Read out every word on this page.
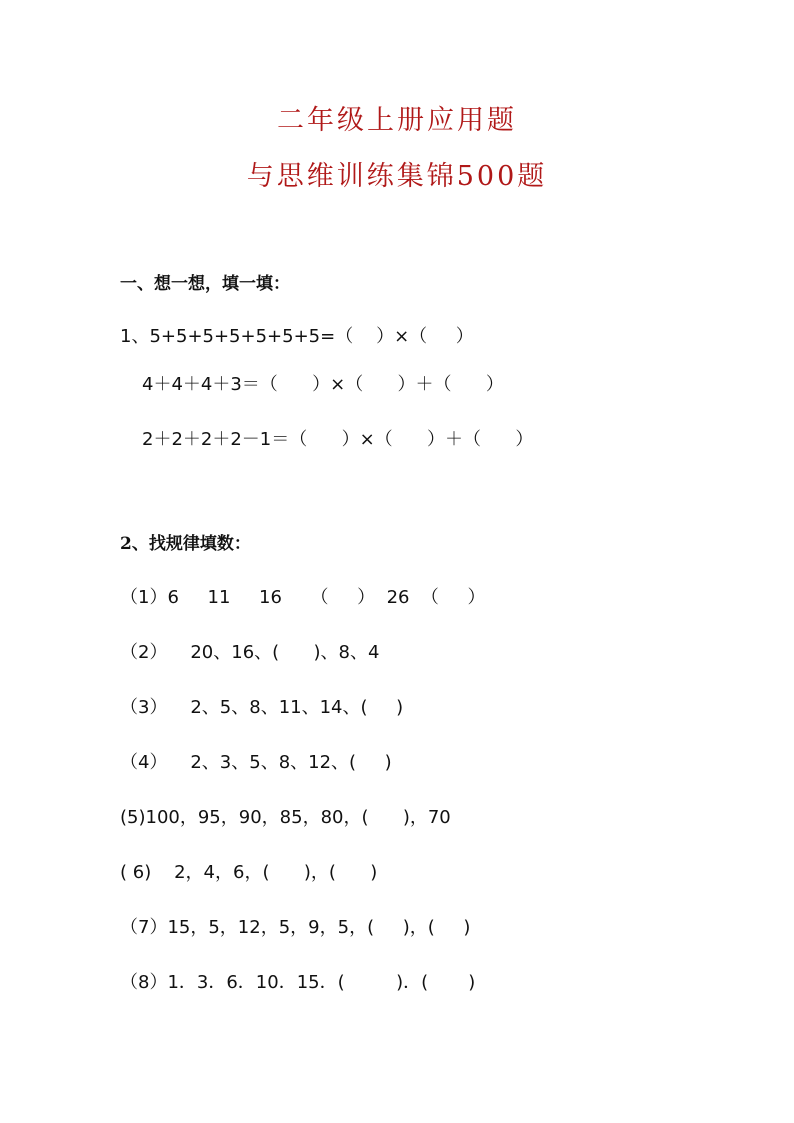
二年级上册应用题
与思维训练集锦500题
一、想一想，填一填：
1、5+5+5+5+5+5+5=（    ）×（     ）
4＋4＋4＋3＝（      ）×（      ）＋（      ）
2＋2＋2＋2－1＝（      ）×（      ）＋（      ）
2、找规律填数：
（1）6     11     16     （     ）  26  （     ）
（2）    20、16、(      )、8、4
（3）    2、5、8、11、14、(     )
（4）    2、3、5、8、12、(     )
(5)100，95，90，85，80，(      )，70
( 6)    2，4，6，(      )，(      )
（7）15，5，12，5，9，5，(     )，(     )
（8）1．3．6．10．15．(         )．(       )
